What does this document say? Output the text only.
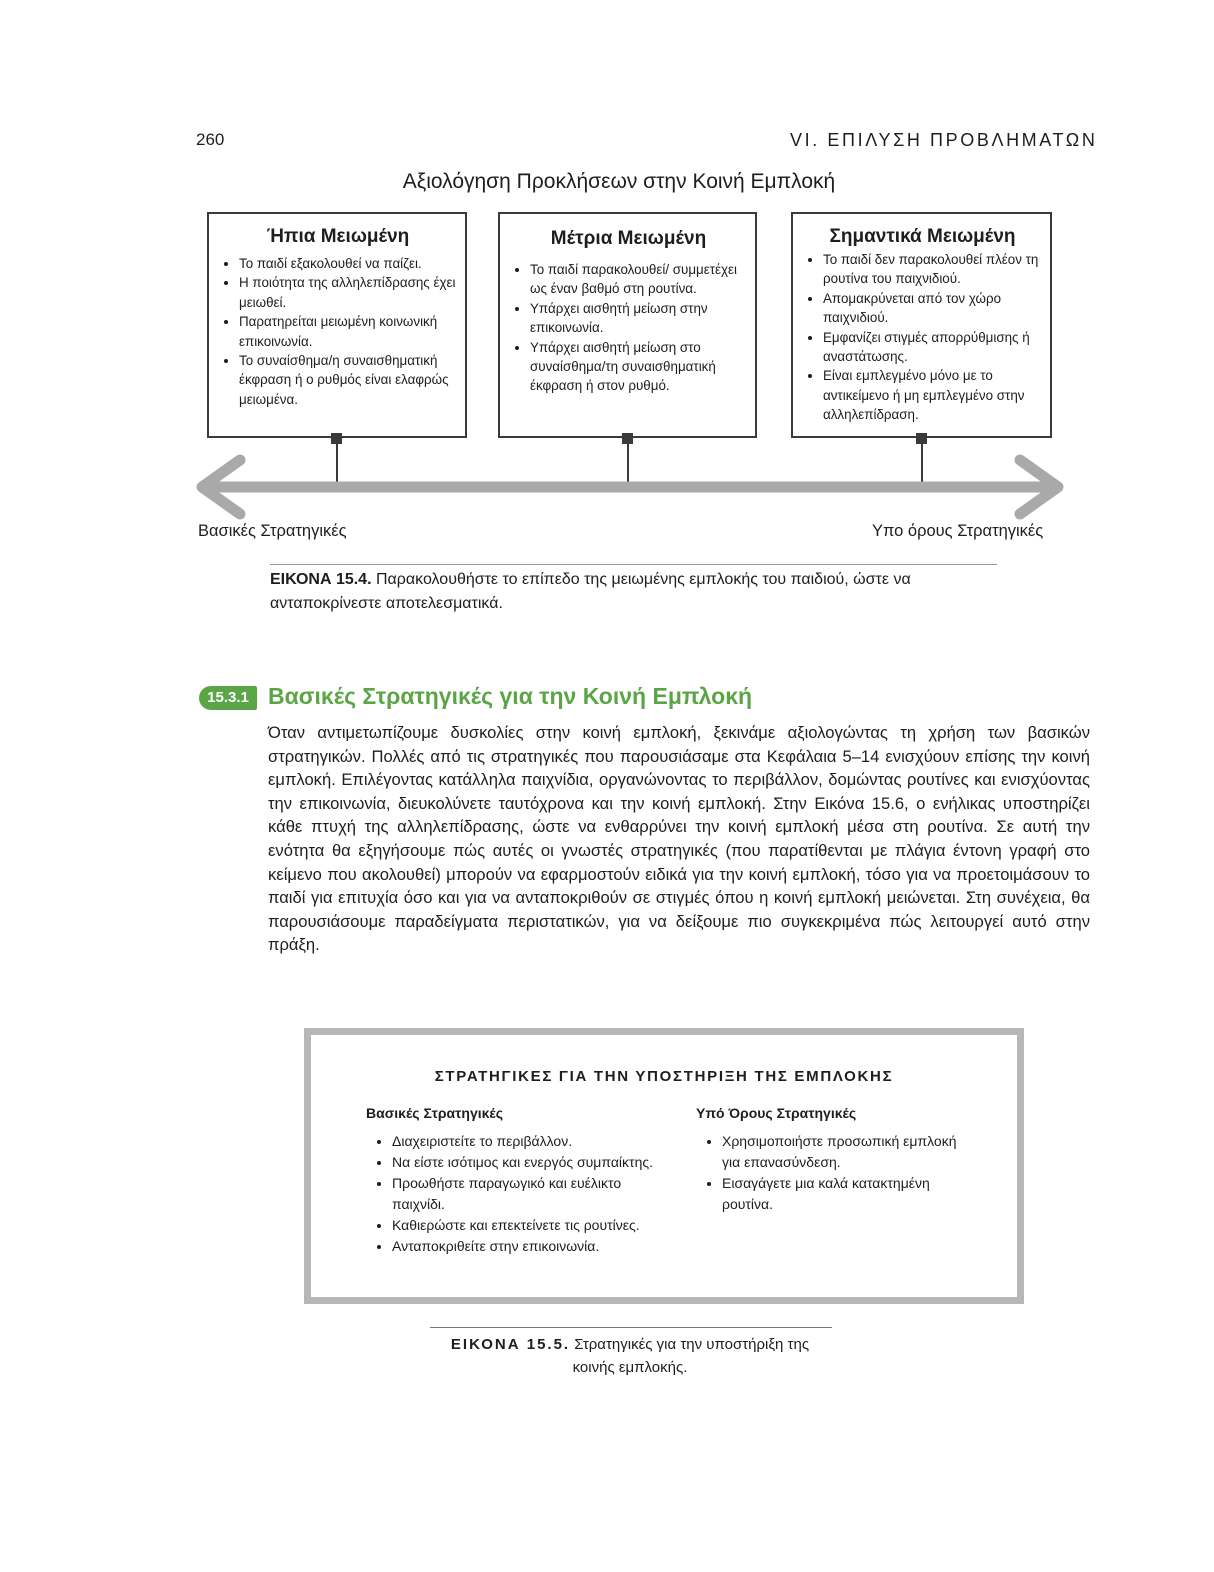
260	VI. ΕΠΙΛΥΣΗ ΠΡΟΒΛΗΜΑΤΩΝ
Αξιολόγηση Προκλήσεων στην Κοινή Εμπλοκή
Ήπια Μειωμένη
• Το παιδί εξακολουθεί να παίζει.
• Η ποιότητα της αλληλεπίδρασης έχει μειωθεί.
• Παρατηρείται μειωμένη κοινωνική επικοινωνία.
• Το συναίσθημα/η συναισθηματική έκφραση ή ο ρυθμός είναι ελαφρώς μειωμένα.
Μέτρια Μειωμένη
• Το παιδί παρακολουθεί/ συμμετέχει ως έναν βαθμό στη ρουτίνα.
• Υπάρχει αισθητή μείωση στην επικοινωνία.
• Υπάρχει αισθητή μείωση στο συναίσθημα/τη συναισθηματική έκφραση ή στον ρυθμό.
Σημαντικά Μειωμένη
• Το παιδί δεν παρακολουθεί πλέον τη ρουτίνα του παιχνιδιού.
• Απομακρύνεται από τον χώρο παιχνιδιού.
• Εμφανίζει στιγμές απορρύθμισης ή αναστάτωσης.
• Είναι εμπλεγμένο μόνο με το αντικείμενο ή μη εμπλεγμένο στην αλληλεπίδραση.
Βασικές Στρατηγικές	Υπο όρους Στρατηγικές
ΕΙΚΟΝΑ 15.4. Παρακολουθήστε το επίπεδο της μειωμένης εμπλοκής του παιδιού, ώστε να ανταποκρίνεστε αποτελεσματικά.
15.3.1 Βασικές Στρατηγικές για την Κοινή Εμπλοκή
Όταν αντιμετωπίζουμε δυσκολίες στην κοινή εμπλοκή, ξεκινάμε αξιολογώντας τη χρήση των βασικών στρατηγικών. Πολλές από τις στρατηγικές που παρουσιάσαμε στα Κεφάλαια 5–14 ενισχύουν επίσης την κοινή εμπλοκή. Επιλέγοντας κατάλληλα παιχνίδια, οργανώνοντας το περιβάλλον, δομώντας ρουτίνες και ενισχύοντας την επικοινωνία, διευκολύνετε ταυτόχρονα και την κοινή εμπλοκή. Στην Εικόνα 15.6, ο ενήλικας υποστηρίζει κάθε πτυχή της αλληλεπίδρασης, ώστε να ενθαρρύνει την κοινή εμπλοκή μέσα στη ρουτίνα. Σε αυτή την ενότητα θα εξηγήσουμε πώς αυτές οι γνωστές στρατηγικές (που παρατίθενται με πλάγια έντονη γραφή στο κείμενο που ακολουθεί) μπορούν να εφαρμοστούν ειδικά για την κοινή εμπλοκή, τόσο για να προετοιμάσουν το παιδί για επιτυχία όσο και για να ανταποκριθούν σε στιγμές όπου η κοινή εμπλοκή μειώνεται. Στη συνέχεια, θα παρουσιάσουμε παραδείγματα περιστατικών, για να δείξουμε πιο συγκεκριμένα πώς λειτουργεί αυτό στην πράξη.
ΣΤΡΑΤΗΓΙΚΕΣ ΓΙΑ ΤΗΝ ΥΠΟΣΤΗΡΙΞΗ ΤΗΣ ΕΜΠΛΟΚΗΣ
Βασικές Στρατηγικές
• Διαχειριστείτε το περιβάλλον.
• Να είστε ισότιμος και ενεργός συμπαίκτης.
• Προωθήστε παραγωγικό και ευέλικτο παιχνίδι.
• Καθιερώστε και επεκτείνετε τις ρουτίνες.
• Ανταποκριθείτε στην επικοινωνία.
Υπό Όρους Στρατηγικές
• Χρησιμοποιήστε προσωπική εμπλοκή για επανασύνδεση.
• Εισαγάγετε μια καλά κατακτημένη ρουτίνα.
ΕΙΚΟΝΑ 15.5. Στρατηγικές για την υποστήριξη της κοινής εμπλοκής.
